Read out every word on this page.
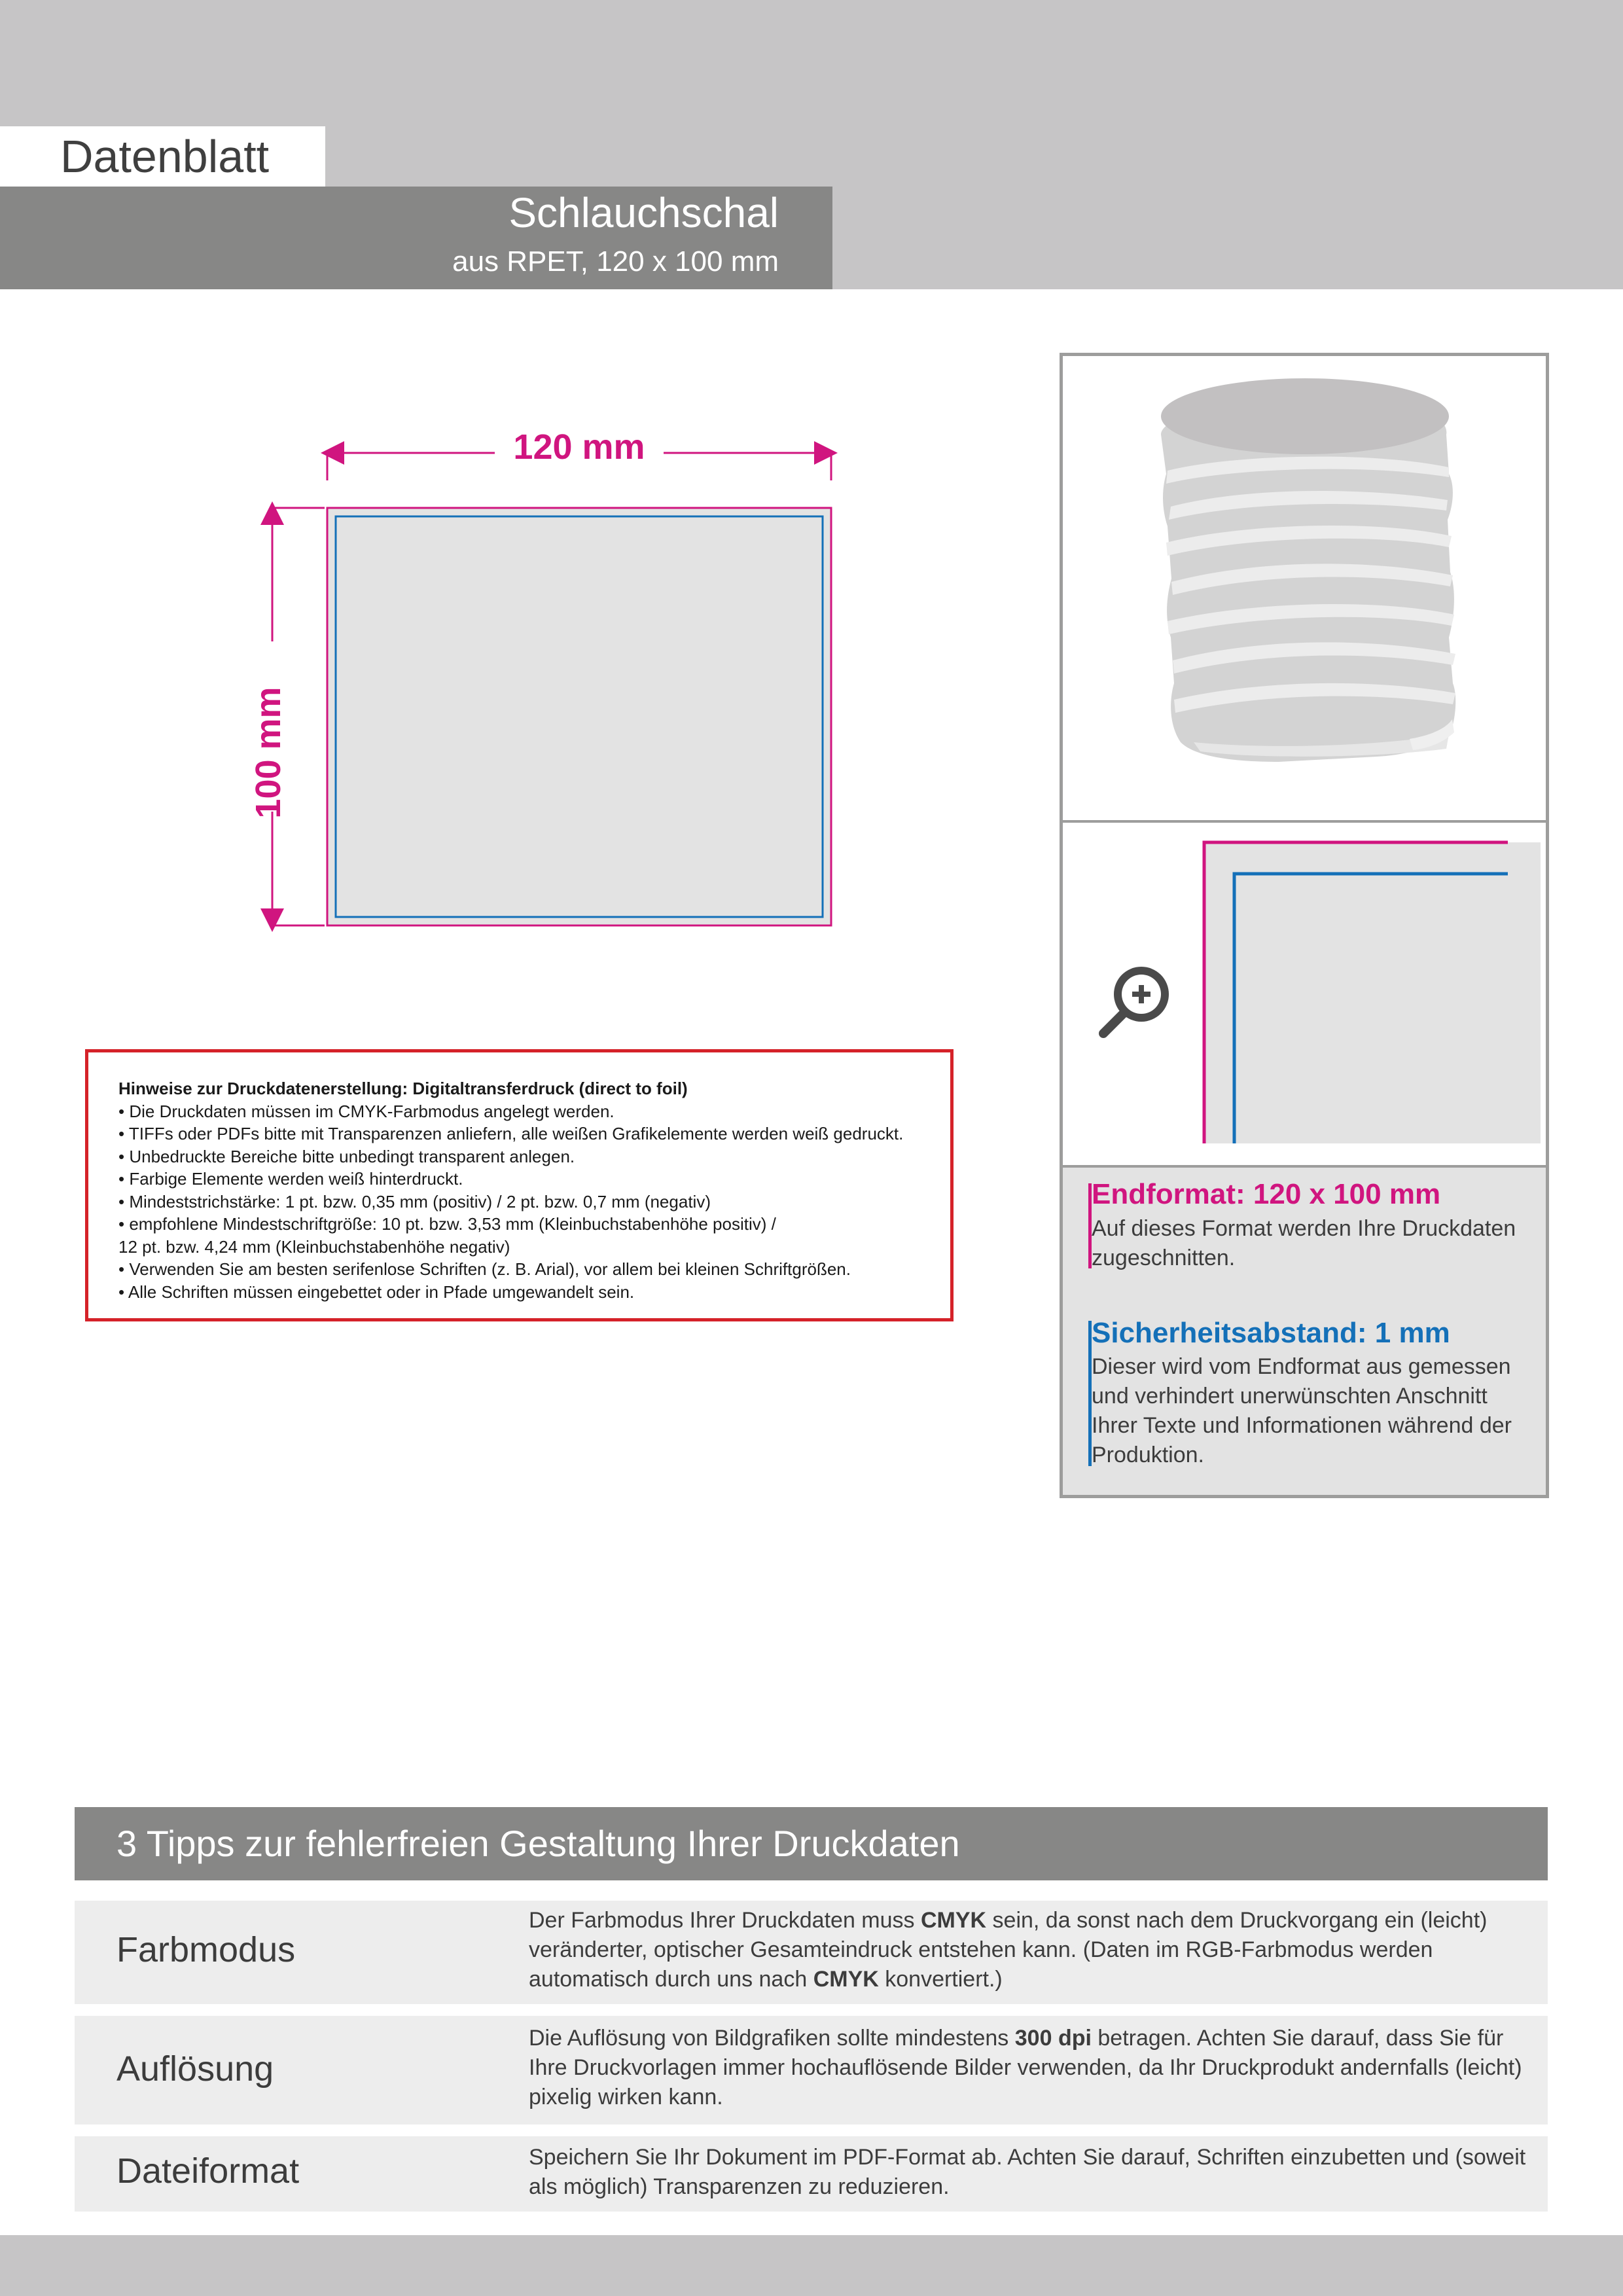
Datenblatt
Schlauchschal
aus RPET, 120 x 100 mm
120 mm
100 mm
Hinweise zur Druckdatenerstellung: Digitaltransferdruck (direct to foil)
• Die Druckdaten müssen im CMYK-Farbmodus angelegt werden.
• TIFFs oder PDFs bitte mit Transparenzen anliefern, alle weißen Grafikelemente werden weiß gedruckt.
• Unbedruckte Bereiche bitte unbedingt transparent anlegen.
• Farbige Elemente werden weiß hinterdruckt.
• Mindeststrichstärke: 1 pt. bzw. 0,35 mm (positiv) / 2 pt. bzw. 0,7 mm (negativ)
• empfohlene Mindestschriftgröße: 10 pt. bzw. 3,53 mm (Kleinbuchstabenhöhe positiv) /
12 pt. bzw. 4,24 mm (Kleinbuchstabenhöhe negativ)
• Verwenden Sie am besten serifenlose Schriften (z. B. Arial), vor allem bei kleinen Schriftgrößen.
• Alle Schriften müssen eingebettet oder in Pfade umgewandelt sein.
Endformat: 120 x 100 mm
Auf dieses Format werden Ihre Druckdaten zugeschnitten.
Sicherheitsabstand: 1 mm
Dieser wird vom Endformat aus gemessen und verhindert unerwünschten Anschnitt Ihrer Texte und Informationen während der Produktion.
3 Tipps zur fehlerfreien Gestaltung Ihrer Druckdaten
Farbmodus
Der Farbmodus Ihrer Druckdaten muss CMYK sein, da sonst nach dem Druckvorgang ein (leicht) veränderter, optischer Gesamteindruck entstehen kann. (Daten im RGB-Farbmodus werden automatisch durch uns nach CMYK konvertiert.)
Auflösung
Die Auflösung von Bildgrafiken sollte mindestens 300 dpi betragen. Achten Sie darauf, dass Sie für Ihre Druckvorlagen immer hochauflösende Bilder verwenden, da Ihr Druckprodukt andernfalls (leicht) pixelig wirken kann.
Dateiformat	Speichern Sie Ihr Dokument im PDF-Format ab. Achten Sie darauf, Schriften einzubetten und (soweit als möglich) Transparenzen zu reduzieren.
